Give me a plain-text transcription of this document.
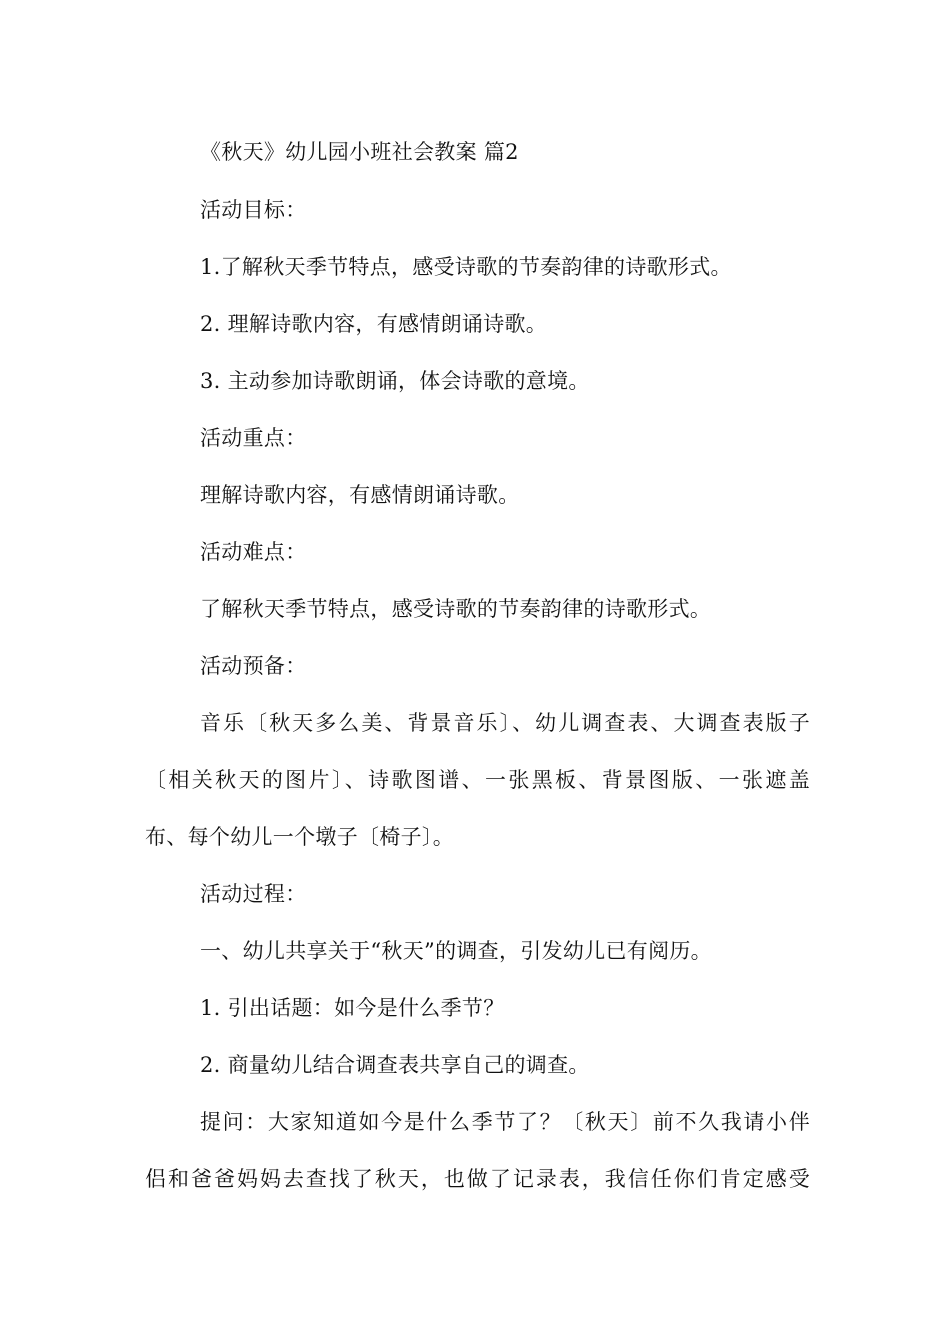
《秋天》幼儿园小班社会教案 篇2
活动目标：
1.了解秋天季节特点，感受诗歌的节奏韵律的诗歌形式。
2. 理解诗歌内容，有感情朗诵诗歌。
3. 主动参加诗歌朗诵，体会诗歌的意境。
活动重点：
理解诗歌内容，有感情朗诵诗歌。
活动难点：
了解秋天季节特点，感受诗歌的节奏韵律的诗歌形式。
活动预备：
音乐〔秋天多么美、背景音乐〕、幼儿调查表、大调查表版子
〔相关秋天的图片〕、诗歌图谱、一张黑板、背景图版、一张遮盖
布、每个幼儿一个墩子〔椅子〕。
活动过程：
一、幼儿共享关于“秋天”的调查，引发幼儿已有阅历。
1. 引出话题：如今是什么季节？
2. 商量幼儿结合调查表共享自己的调查。
提问：大家知道如今是什么季节了？〔秋天〕前不久我请小伴
侣和爸爸妈妈去查找了秋天，也做了记录表，我信任你们肯定感受
